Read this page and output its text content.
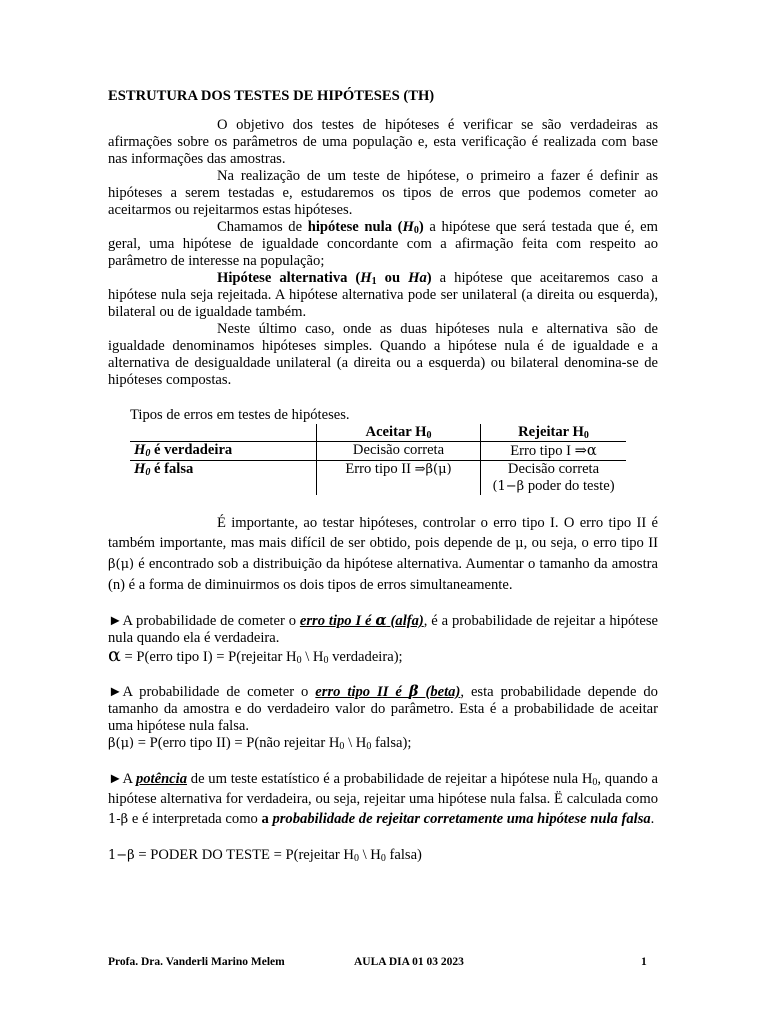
ESTRUTURA DOS TESTES DE HIPÓTESES (TH)

O objetivo dos testes de hipóteses é verificar se são verdadeiras as afirmações sobre os parâmetros de uma população e, esta verificação é realizada com base nas informações das amostras.

Na realização de um teste de hipótese, o primeiro a fazer é definir as hipóteses a serem testadas e, estudaremos os tipos de erros que podemos cometer ao aceitarmos ou rejeitarmos estas hipóteses.

Chamamos de hipótese nula $(H_0)$ a hipótese que será testada que é, em geral, uma hipótese de igualdade concordante com a afirmação feita com respeito ao parâmetro de interesse na população;

Hipótese alternativa ($H_1$ ou Ha) a hipótese que aceitaremos caso a hipótese nula seja rejeitada. A hipótese alternativa pode ser unilateral (a direita ou esquerda), bilateral ou de igualdade também.

Neste último caso, onde as duas hipóteses nula e alternativa são de igualdade denominamos hipóteses simples. Quando a hipótese nula é de igualdade e a alternativa de desigualdade unilateral (a direita ou a esquerda) ou bilateral denomina-se de hipóteses compostas.

Tipos de erros em testes de hipóteses.
	Aceitar $H_0$	Rejeitar $H_0$
$H_0$ é verdadeira	Decisão correta	Erro tipo I ⇒α
$H_0$ é falsa	Erro tipo II ⇒β(μ)	Decisão correta
(1−β poder do teste)

É importante, ao testar hipóteses, controlar o erro tipo I. O erro tipo II é também importante, mas mais difícil de ser obtido, pois depende de μ, ou seja, o erro tipo II β(μ) é encontrado sob a distribuição da hipótese alternativa. Aumentar o tamanho da amostra (n) é a forma de diminuirmos os dois tipos de erros simultaneamente.

►A probabilidade de cometer o erro tipo I é α (alfa), é a probabilidade de rejeitar a hipótese nula quando ela é verdadeira.

α = P(erro tipo I) = P(rejeitar $H_0$ \ $H_0$ verdadeira);

►A probabilidade de cometer o erro tipo II é β (beta), esta probabilidade depende do tamanho da amostra e do verdadeiro valor do parâmetro. Esta é a probabilidade de aceitar uma hipótese nula falsa.

β(μ) = P(erro tipo II) = P(não rejeitar $H_0$ \ $H_0$ falsa);

►A potência de um teste estatístico é a probabilidade de rejeitar a hipótese nula $H_0$, quando a hipótese alternativa for verdadeira, ou seja, rejeitar uma hipótese nula falsa. Ë calculada como 1-β e é interpretada como a probabilidade de rejeitar corretamente uma hipótese nula falsa.

1−β = PODER DO TESTE = P(rejeitar $H_0$ \ $H_0$ falsa)

Profa. Dra. Vanderli Marino Melem	AULA DIA 01 03 2023	1
